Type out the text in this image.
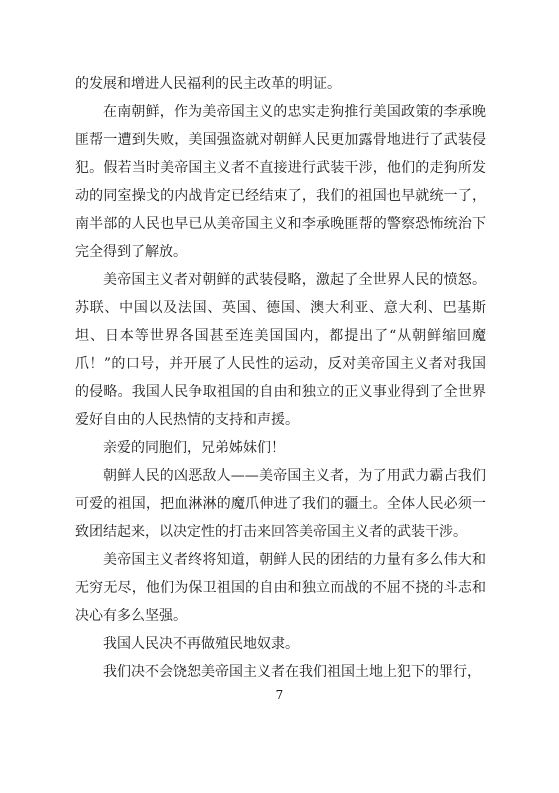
的发展和增进人民福利的民主改革的明证。

在南朝鲜，作为美帝国主义的忠实走狗推行美国政策的李承晚匪帮一遭到失败，美国强盗就对朝鲜人民更加露骨地进行了武装侵犯。假若当时美帝国主义者不直接进行武装干涉，他们的走狗所发动的同室操戈的内战肯定已经结束了，我们的祖国也早就统一了，南半部的人民也早已从美帝国主义和李承晚匪帮的警察恐怖统治下完全得到了解放。

美帝国主义者对朝鲜的武装侵略，激起了全世界人民的愤怒。苏联、中国以及法国、英国、德国、澳大利亚、意大利、巴基斯坦、日本等世界各国甚至连美国国内，都提出了“从朝鲜缩回魔爪！”的口号，并开展了人民性的运动，反对美帝国主义者对我国的侵略。我国人民争取祖国的自由和独立的正义事业得到了全世界爱好自由的人民热情的支持和声援。

亲爱的同胞们，兄弟姊妹们！

朝鲜人民的凶恶敌人——美帝国主义者，为了用武力霸占我们可爱的祖国，把血淋淋的魔爪伸进了我们的疆土。全体人民必须一致团结起来，以决定性的打击来回答美帝国主义者的武装干涉。

美帝国主义者终将知道，朝鲜人民的团结的力量有多么伟大和无穷无尽，他们为保卫祖国的自由和独立而战的不屈不挠的斗志和决心有多么坚强。

我国人民决不再做殖民地奴隶。

我们决不会饶恕美帝国主义者在我们祖国土地上犯下的罪行，

7
